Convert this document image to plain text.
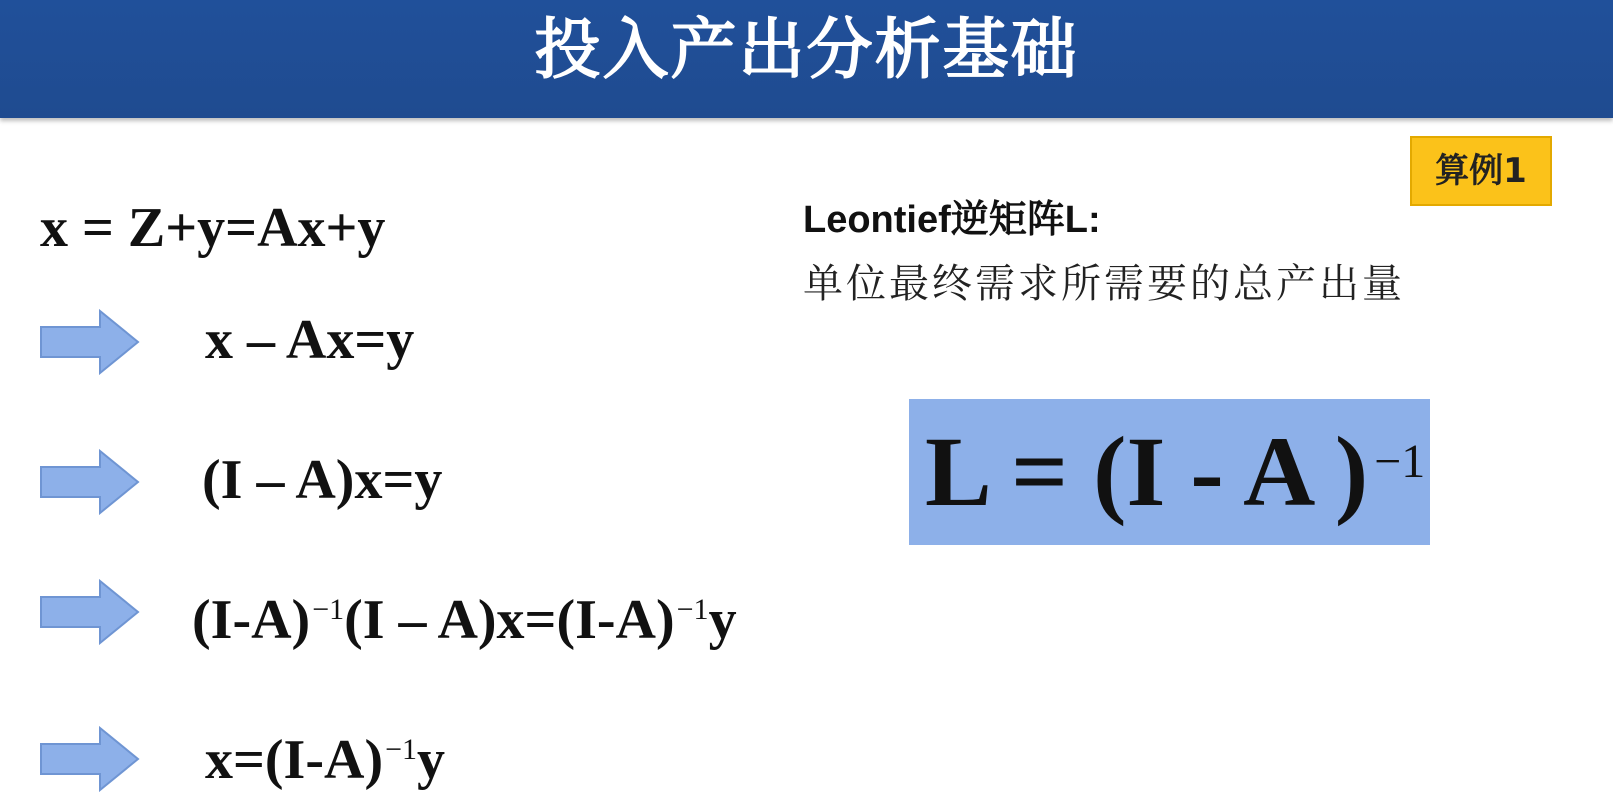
投入产出分析基础
算例1
x = Z+y=Ax+y
x – Ax=y
(I – A)x=y
$(I-A)^{-1}(I - A)x=(I-A)^{-1}y$
$x=(I-A)^{-1}y$
Leontief逆矩阵L:
单位最终需求所需要的总产出量
L = (I - A ) $^{-1}$
